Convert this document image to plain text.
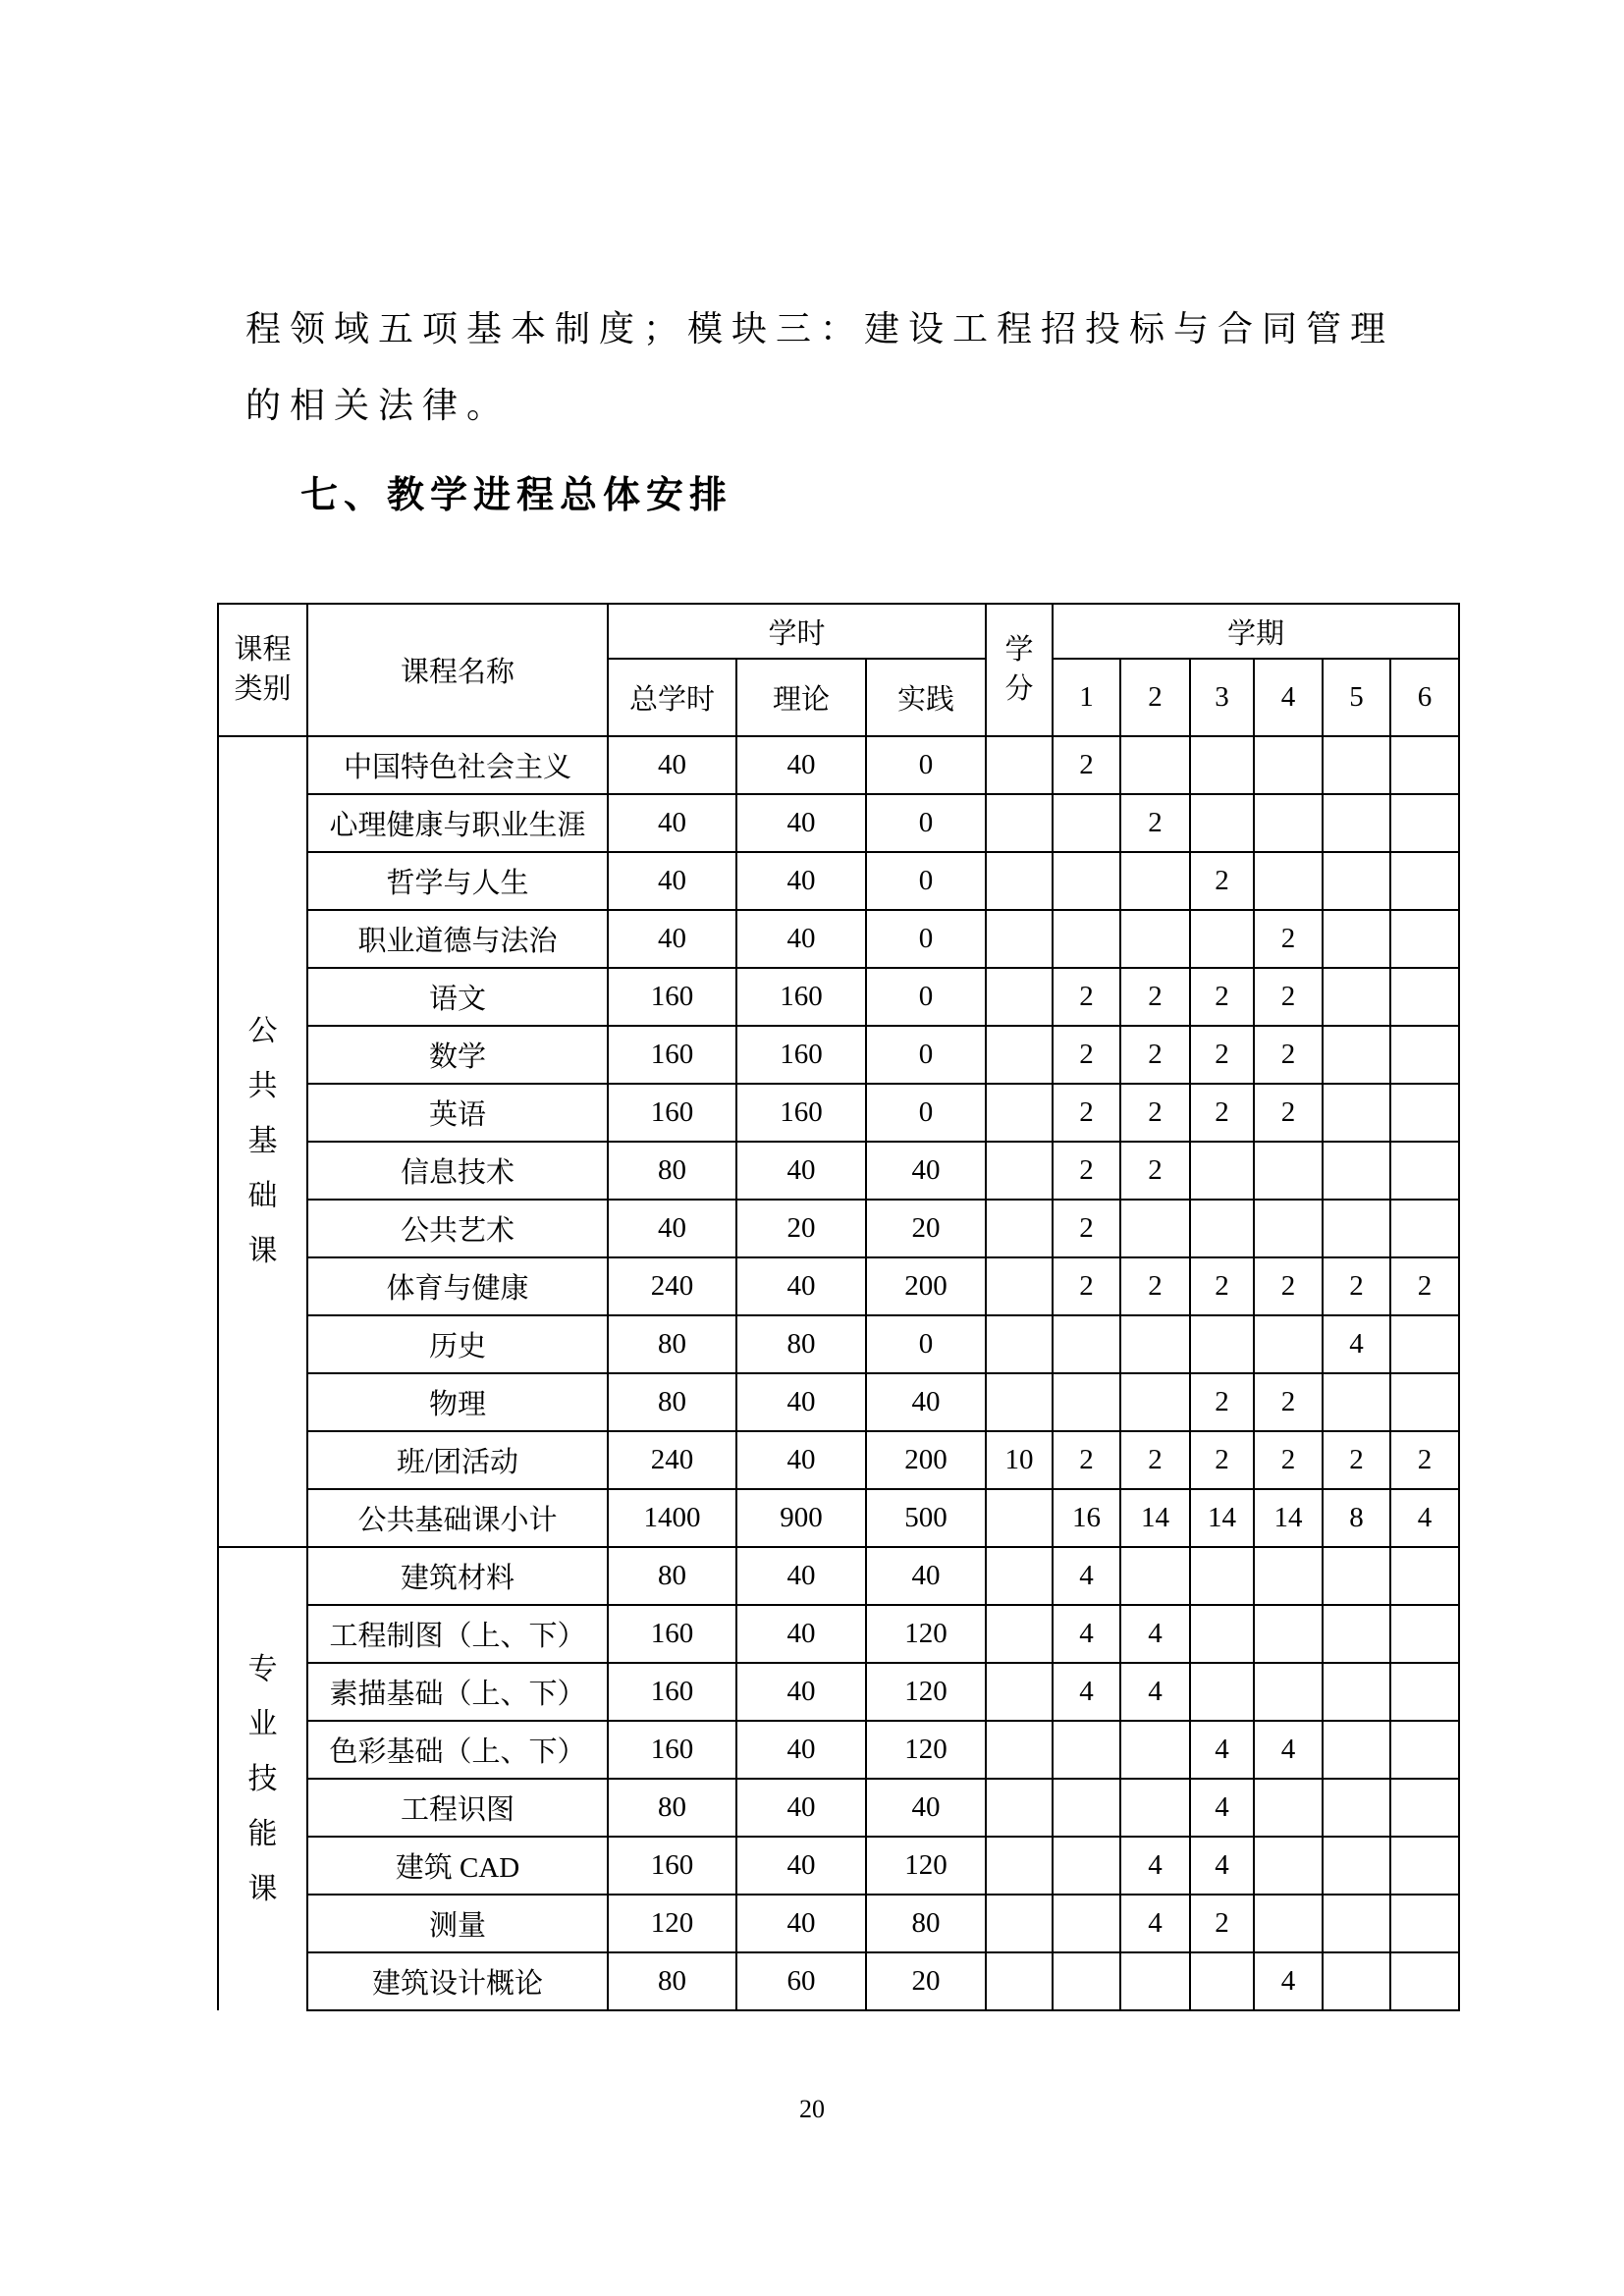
程领域五项基本制度；模块三：建设工程招投标与合同管理
的相关法律。
七、教学进程总体安排
课程
类别	课程名称	学时			学
分	学期					
		总学时	理论	实践		1	2	3	4	5	6

公
共
基
础
课	中国特色社会主义	40	40	0		2					
	心理健康与职业生涯	40	40	0			2				
	哲学与人生	40	40	0				2			
	职业道德与法治	40	40	0					2		
	语文	160	160	0		2	2	2	2		
	数学	160	160	0		2	2	2	2		
	英语	160	160	0		2	2	2	2		
	信息技术	80	40	40		2	2				
	公共艺术	40	20	20		2					
	体育与健康	240	40	200		2	2	2	2	2	2
	历史	80	80	0						4	
	物理	80	40	40				2	2		
	班/团活动	240	40	200	10	2	2	2	2	2	2
	公共基础课小计	1400	900	500		16	14	14	14	8	4

专
业
技
能
课	建筑材料	80	40	40		4					
	工程制图（上、下）	160	40	120		4	4				
	素描基础（上、下）	160	40	120		4	4				
	色彩基础（上、下）	160	40	120				4	4		
	工程识图	80	40	40				4			
	建筑 CAD	160	40	120			4	4			
	测量	120	40	80			4	2			
	建筑设计概论	80	60	20					4		
20
